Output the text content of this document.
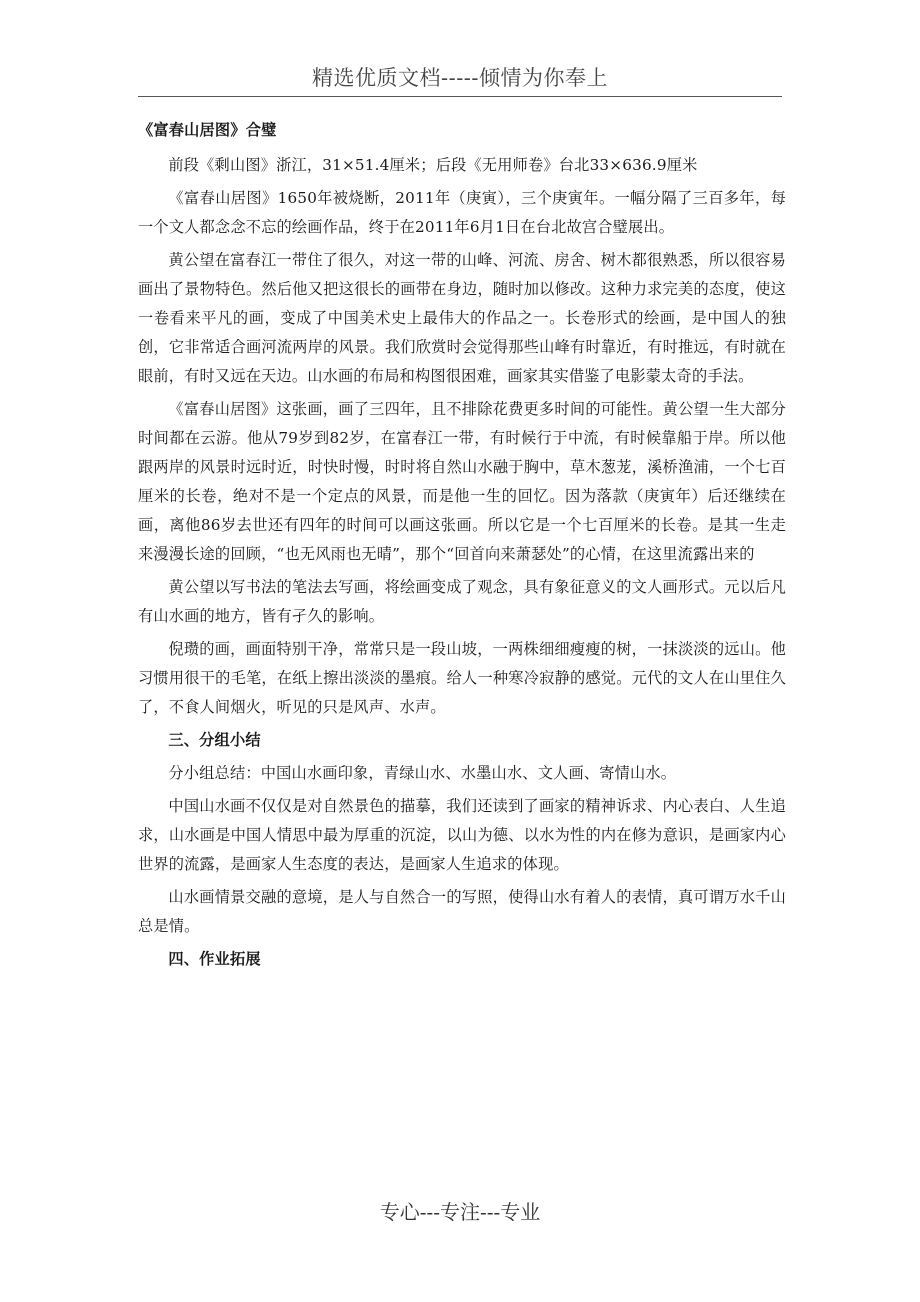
精选优质文档-----倾情为你奉上

《富春山居图》合璧

前段《剩山图》浙江，31×51.4厘米；后段《无用师卷》台北33×636.9厘米

《富春山居图》1650年被烧断，2011年（庚寅），三个庚寅年。一幅分隔了三百多年，每一个文人都念念不忘的绘画作品，终于在2011年6月1日在台北故宫合璧展出。

黄公望在富春江一带住了很久，对这一带的山峰、河流、房舍、树木都很熟悉，所以很容易画出了景物特色。然后他又把这很长的画带在身边，随时加以修改。这种力求完美的态度，使这一卷看来平凡的画，变成了中国美术史上最伟大的作品之一。长卷形式的绘画，是中国人的独创，它非常适合画河流两岸的风景。我们欣赏时会觉得那些山峰有时靠近，有时推远，有时就在眼前，有时又远在天边。山水画的布局和构图很困难，画家其实借鉴了电影蒙太奇的手法。

《富春山居图》这张画，画了三四年，且不排除花费更多时间的可能性。黄公望一生大部分时间都在云游。他从79岁到82岁，在富春江一带，有时候行于中流，有时候靠船于岸。所以他跟两岸的风景时远时近，时快时慢，时时将自然山水融于胸中，草木葱茏，溪桥渔浦，一个七百厘米的长卷，绝对不是一个定点的风景，而是他一生的回忆。因为落款（庚寅年）后还继续在画，离他86岁去世还有四年的时间可以画这张画。所以它是一个七百厘米的长卷。是其一生走来漫漫长途的回顾，“也无风雨也无晴”，那个“回首向来萧瑟处”的心情，在这里流露出来的

黄公望以写书法的笔法去写画，将绘画变成了观念，具有象征意义的文人画形式。元以后凡有山水画的地方，皆有孑久的影响。

倪瓒的画，画面特别干净，常常只是一段山坡，一两株细细瘦瘦的树，一抹淡淡的远山。他习惯用很干的毛笔，在纸上擦出淡淡的墨痕。给人一种寒冷寂静的感觉。元代的文人在山里住久了，不食人间烟火，听见的只是风声、水声。

三、分组小结

分小组总结：中国山水画印象，青绿山水、水墨山水、文人画、寄情山水。

中国山水画不仅仅是对自然景色的描摹，我们还读到了画家的精神诉求、内心表白、人生追求，山水画是中国人情思中最为厚重的沉淀，以山为德、以水为性的内在修为意识，是画家内心世界的流露，是画家人生态度的表达，是画家人生追求的体现。

山水画情景交融的意境，是人与自然合一的写照，使得山水有着人的表情，真可谓万水千山总是情。

四、作业拓展

专心---专注---专业
